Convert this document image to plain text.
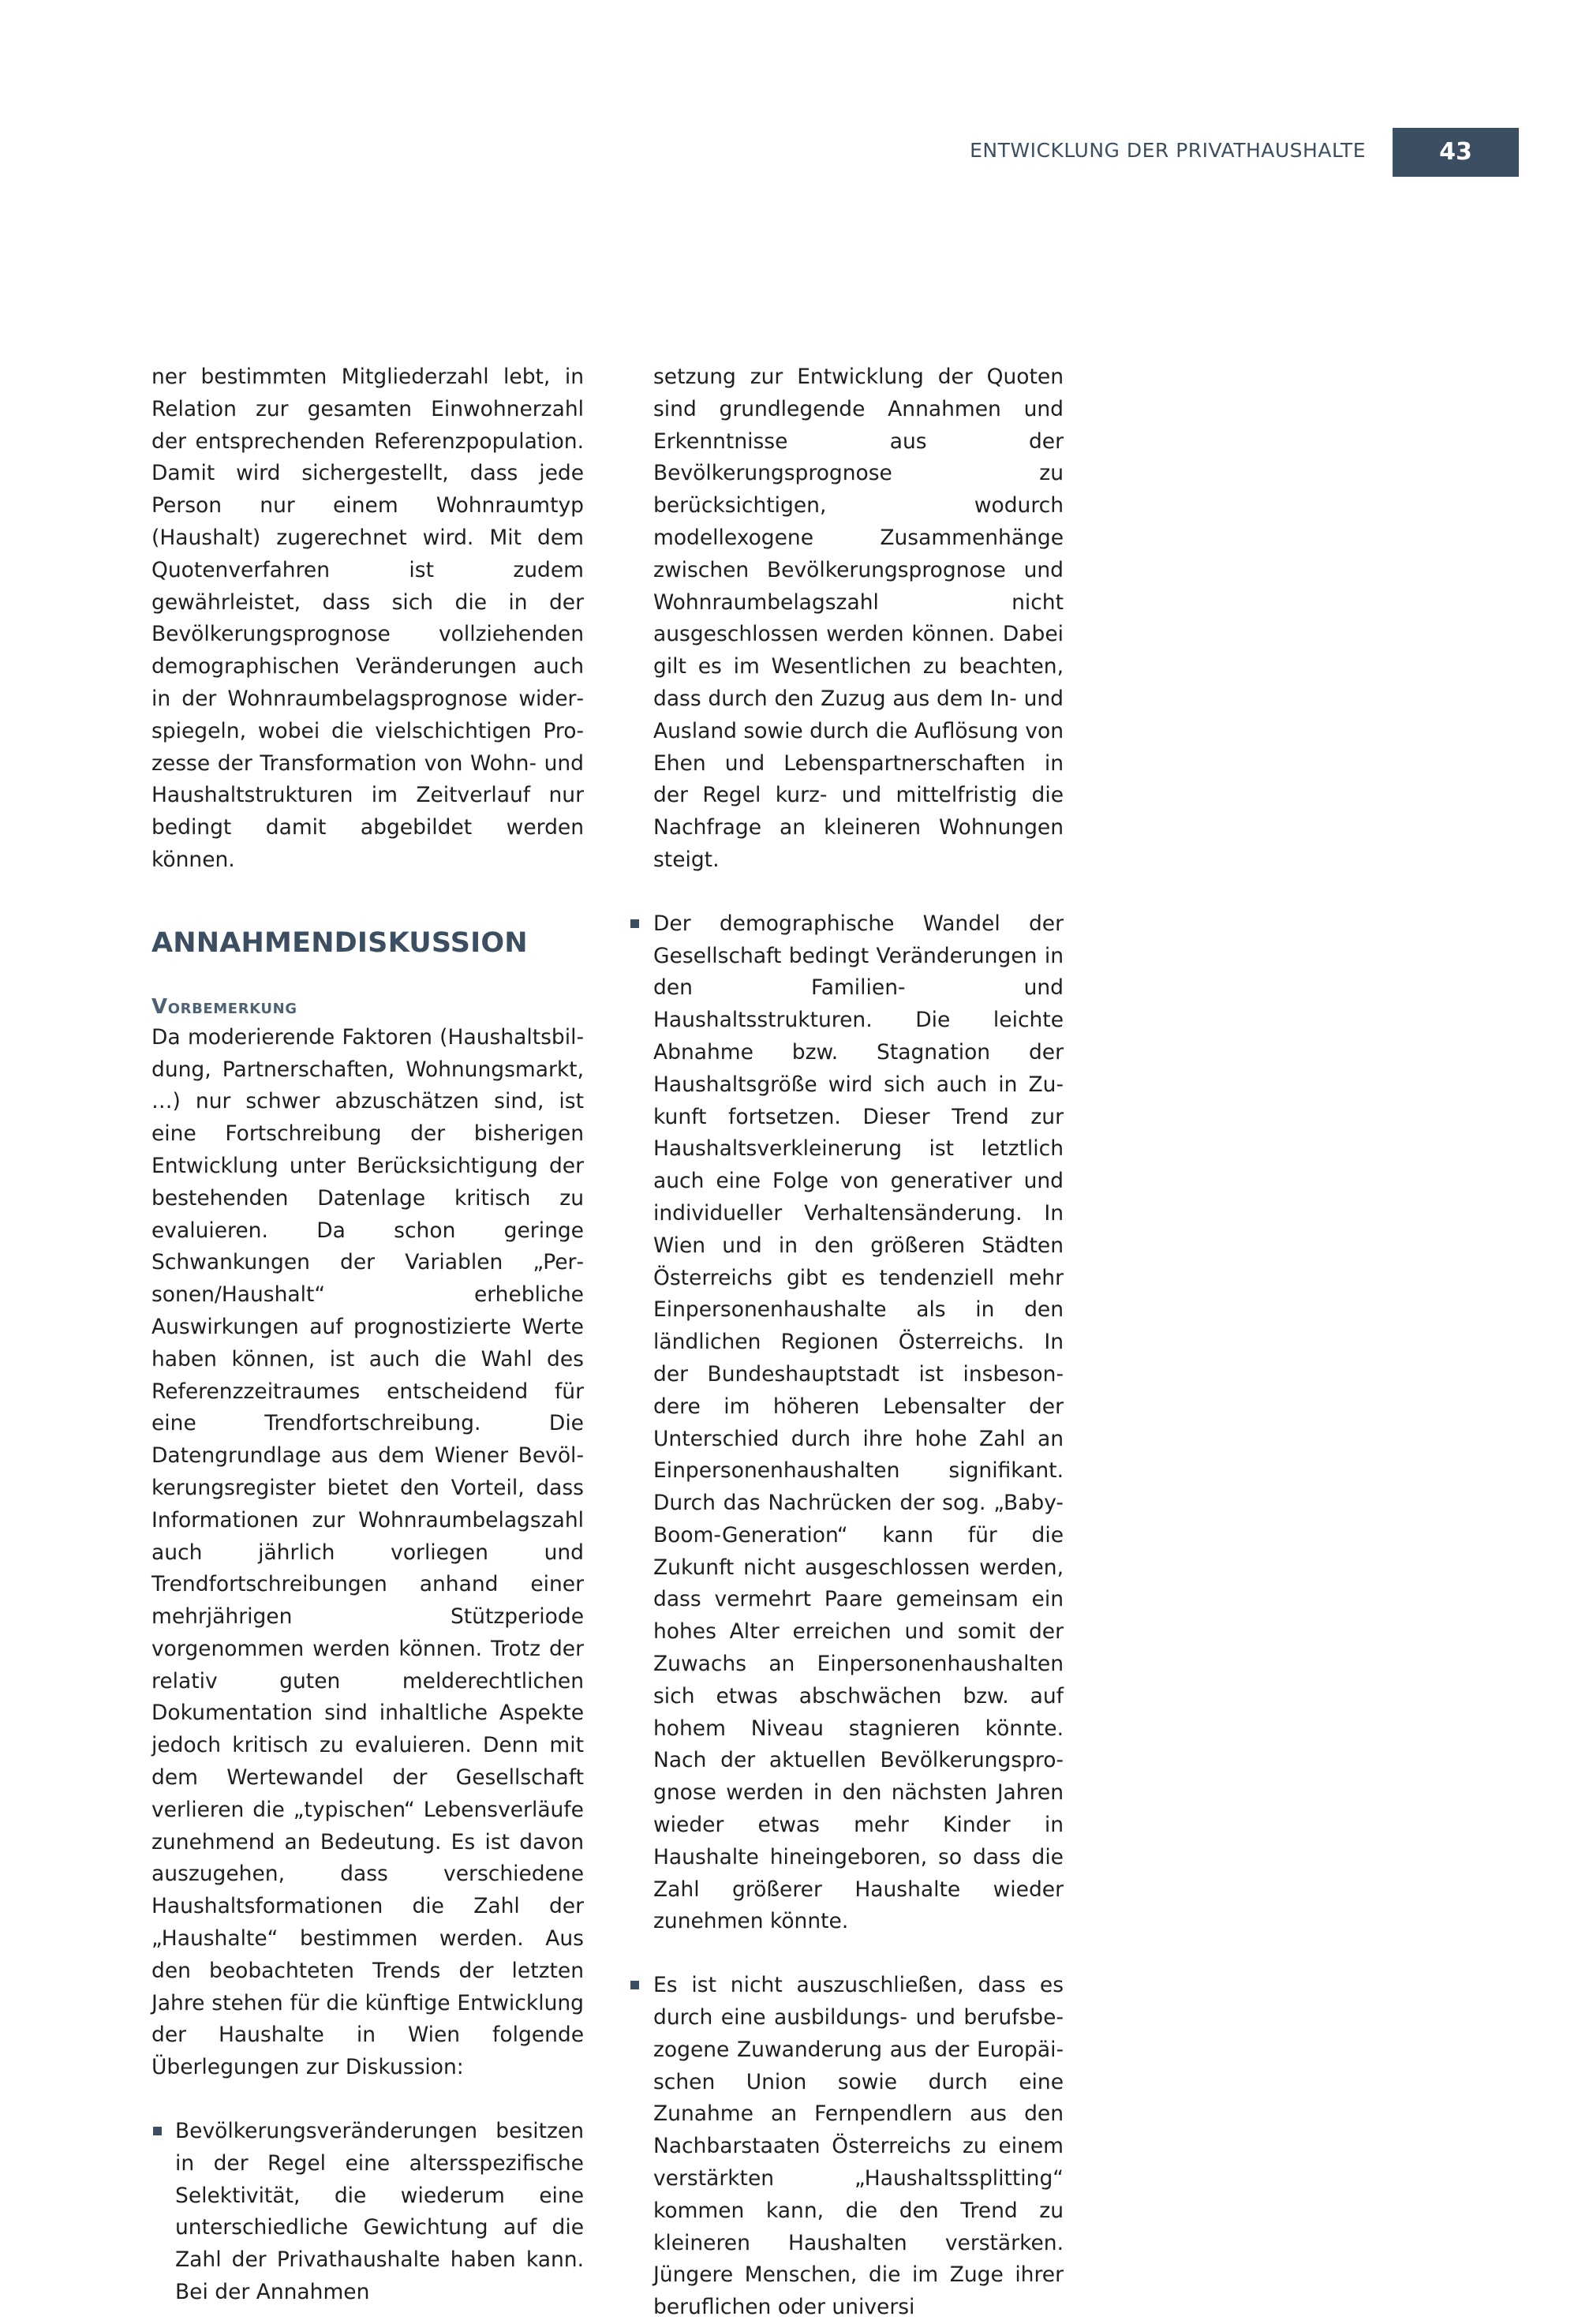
ENTWICKLUNG DER PRIVATHAUSHALTE	43

ner bestimmten Mitgliederzahl lebt, in Relation zur gesamten Einwohnerzahl der entsprechenden Referenzpopulation. Damit wird sichergestellt, dass jede Person nur einem Wohnraumtyp (Haushalt) zugerechnet wird. Mit dem Quotenverfahren ist zudem gewährleistet, dass sich die in der Bevölkerungsprognose vollziehenden demographischen Veränderungen auch in der Wohnraumbelagsprognose widerspiegeln, wobei die vielschichtigen Prozesse der Transformation von Wohn- und Haushaltstrukturen im Zeitverlauf nur bedingt damit abgebildet werden können.

ANNAHMENDISKUSSION
Vorbemerkung

Da moderierende Faktoren (Haushaltsbildung, Partnerschaften, Wohnungsmarkt, …) nur schwer abzuschätzen sind, ist eine Fortschreibung der bisherigen Entwicklung unter Berücksichtigung der bestehenden Datenlage kritisch zu evaluieren. Da schon geringe Schwankungen der Variablen „Personen/Haushalt“ erhebliche Auswirkungen auf prognostizierte Werte haben können, ist auch die Wahl des Referenzzeitraumes entscheidend für eine Trendfortschreibung. Die Datengrundlage aus dem Wiener Bevölkerungsregister bietet den Vorteil, dass Informationen zur Wohnraumbelagszahl auch jährlich vorliegen und Trendfortschreibungen anhand einer mehrjährigen Stützperiode vorgenommen werden können. Trotz der relativ guten melderechtlichen Dokumentation sind inhaltliche Aspekte jedoch kritisch zu evaluieren. Denn mit dem Wertewandel der Gesellschaft verlieren die „typischen“ Lebensverläufe zunehmend an Bedeutung. Es ist davon auszugehen, dass verschiedene Haushaltsformationen die Zahl der „Haushalte“ bestimmen werden. Aus den beobachteten Trends der letzten Jahre stehen für die künftige Entwicklung der Haushalte in Wien folgende Überlegungen zur Diskussion:

Bevölkerungsveränderungen besitzen in der Regel eine altersspezifische Selektivität, die wiederum eine unterschiedliche Gewichtung auf die Zahl der Privathaushalte haben kann. Bei der Annahmen

setzung zur Entwicklung der Quoten sind grundlegende Annahmen und Erkenntnisse aus der Bevölkerungsprognose zu berücksichtigen, wodurch modellexogene Zusammenhänge zwischen Bevölkerungsprognose und Wohnraumbelagszahl nicht ausgeschlossen werden können. Dabei gilt es im Wesentlichen zu beachten, dass durch den Zuzug aus dem In- und Ausland sowie durch die Auflösung von Ehen und Lebenspartnerschaften in der Regel kurz- und mittelfristig die Nachfrage an kleineren Wohnungen steigt.

Der demographische Wandel der Gesellschaft bedingt Veränderungen in den Familien- und Haushaltsstrukturen. Die leichte Abnahme bzw. Stagnation der Haushaltsgröße wird sich auch in Zukunft fortsetzen. Dieser Trend zur Haushaltsverkleinerung ist letztlich auch eine Folge von generativer und individueller Verhaltensänderung. In Wien und in den größeren Städten Österreichs gibt es tendenziell mehr Einpersonenhaushalte als in den ländlichen Regionen Österreichs. In der Bundeshauptstadt ist insbesondere im höheren Lebensalter der Unterschied durch ihre hohe Zahl an Einpersonenhaushalten signifikant. Durch das Nachrücken der sog. „Baby-Boom-Generation“ kann für die Zukunft nicht ausgeschlossen werden, dass vermehrt Paare gemeinsam ein hohes Alter erreichen und somit der Zuwachs an Einpersonenhaushalten sich etwas abschwächen bzw. auf hohem Niveau stagnieren könnte. Nach der aktuellen Bevölkerungsprognose werden in den nächsten Jahren wieder etwas mehr Kinder in Haushalte hineingeboren, so dass die Zahl größerer Haushalte wieder zunehmen könnte.

Es ist nicht auszuschließen, dass es durch eine ausbildungs- und berufsbezogene Zuwanderung aus der Europäischen Union sowie durch eine Zunahme an Fernpendlern aus den Nachbarstaaten Österreichs zu einem verstärkten „Haushaltssplitting“ kommen kann, die den Trend zu kleineren Haushalten verstärken. Jüngere Menschen, die im Zuge ihrer beruflichen oder universi
